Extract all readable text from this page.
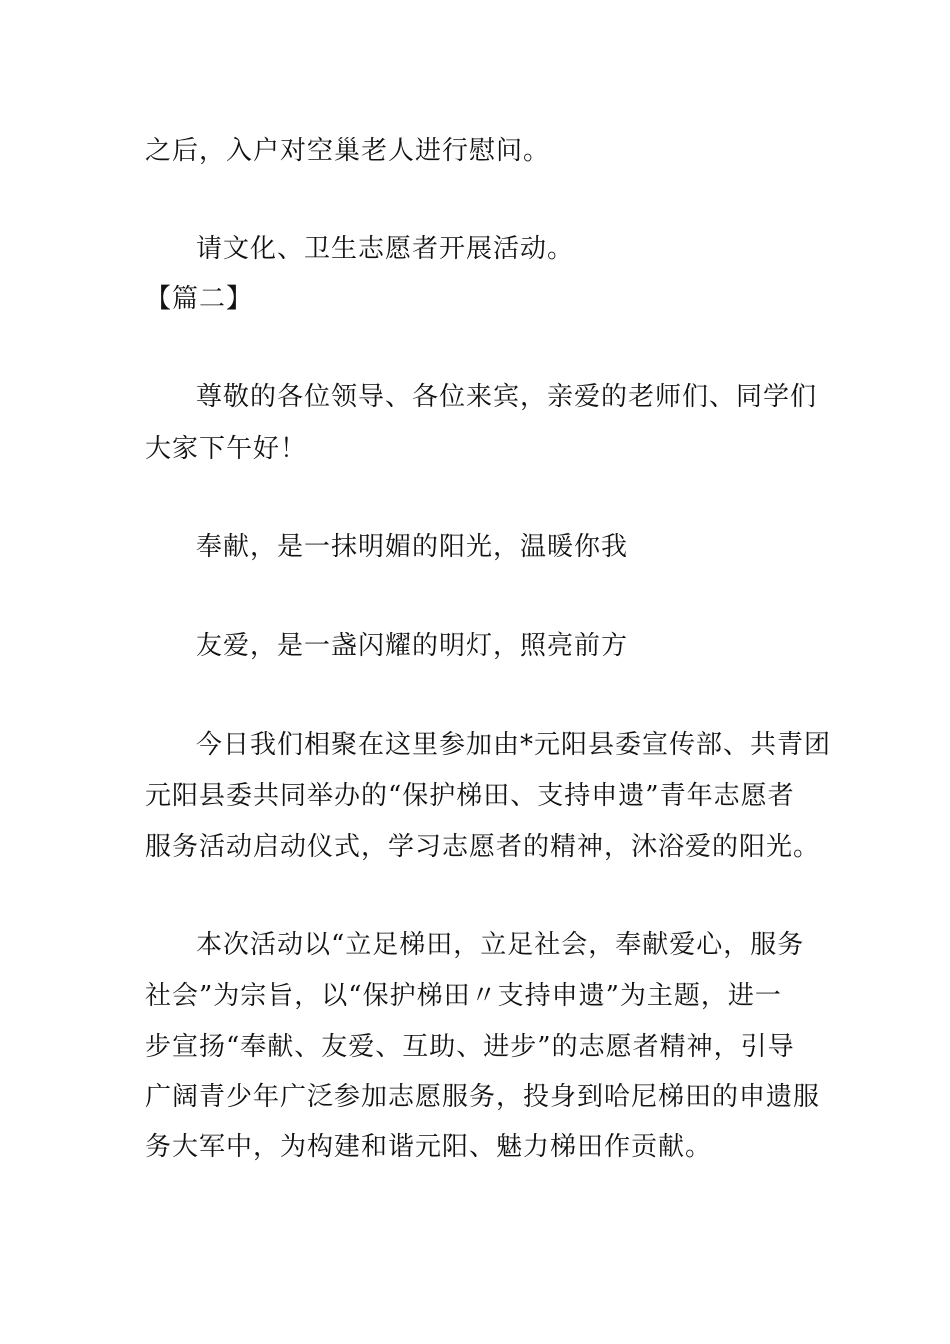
之后，入户对空巢老人进行慰问。
请文化、卫生志愿者开展活动。
【篇二】
尊敬的各位领导、各位来宾，亲爱的老师们、同学们
大家下午好！
奉献，是一抹明媚的阳光，温暖你我
友爱，是一盏闪耀的明灯，照亮前方
今日我们相聚在这里参加由*元阳县委宣传部、共青团
元阳县委共同举办的“保护梯田、支持申遗”青年志愿者
服务活动启动仪式，学习志愿者的精神，沐浴爱的阳光。
本次活动以“立足梯田，立足社会，奉献爱心，服务
社会”为宗旨，以“保护梯田〃支持申遗”为主题，进一
步宣扬“奉献、友爱、互助、进步”的志愿者精神，引导
广阔青少年广泛参加志愿服务，投身到哈尼梯田的申遗服
务大军中，为构建和谐元阳、魅力梯田作贡献。
